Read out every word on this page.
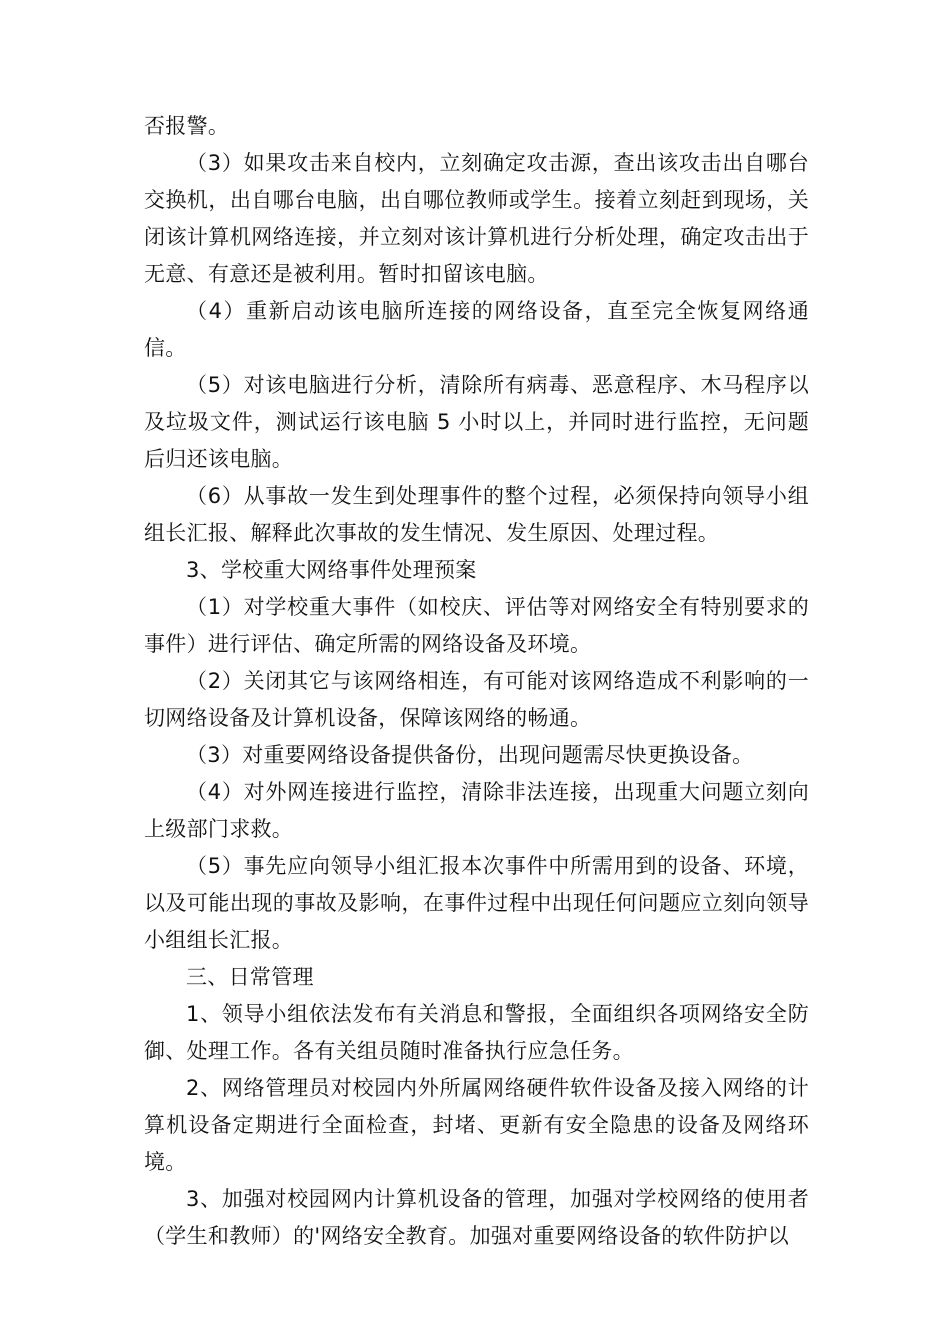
否报警。

（3）如果攻击来自校内，立刻确定攻击源，查出该攻击出自哪台交换机，出自哪台电脑，出自哪位教师或学生。接着立刻赶到现场，关闭该计算机网络连接，并立刻对该计算机进行分析处理，确定攻击出于无意、有意还是被利用。暂时扣留该电脑。

（4）重新启动该电脑所连接的网络设备，直至完全恢复网络通信。

（5）对该电脑进行分析，清除所有病毒、恶意程序、木马程序以及垃圾文件，测试运行该电脑 5 小时以上，并同时进行监控，无问题后归还该电脑。

（6）从事故一发生到处理事件的整个过程，必须保持向领导小组组长汇报、解释此次事故的发生情况、发生原因、处理过程。

3、学校重大网络事件处理预案

（1）对学校重大事件（如校庆、评估等对网络安全有特别要求的事件）进行评估、确定所需的网络设备及环境。

（2）关闭其它与该网络相连，有可能对该网络造成不利影响的一切网络设备及计算机设备，保障该网络的畅通。

（3）对重要网络设备提供备份，出现问题需尽快更换设备。

（4）对外网连接进行监控，清除非法连接，出现重大问题立刻向上级部门求救。

（5）事先应向领导小组汇报本次事件中所需用到的设备、环境，以及可能出现的事故及影响，在事件过程中出现任何问题应立刻向领导小组组长汇报。

三、日常管理

1、领导小组依法发布有关消息和警报，全面组织各项网络安全防御、处理工作。各有关组员随时准备执行应急任务。

2、网络管理员对校园内外所属网络硬件软件设备及接入网络的计算机设备定期进行全面检查，封堵、更新有安全隐患的设备及网络环境。

3、加强对校园网内计算机设备的管理，加强对学校网络的使用者（学生和教师）的'网络安全教育。加强对重要网络设备的软件防护以
